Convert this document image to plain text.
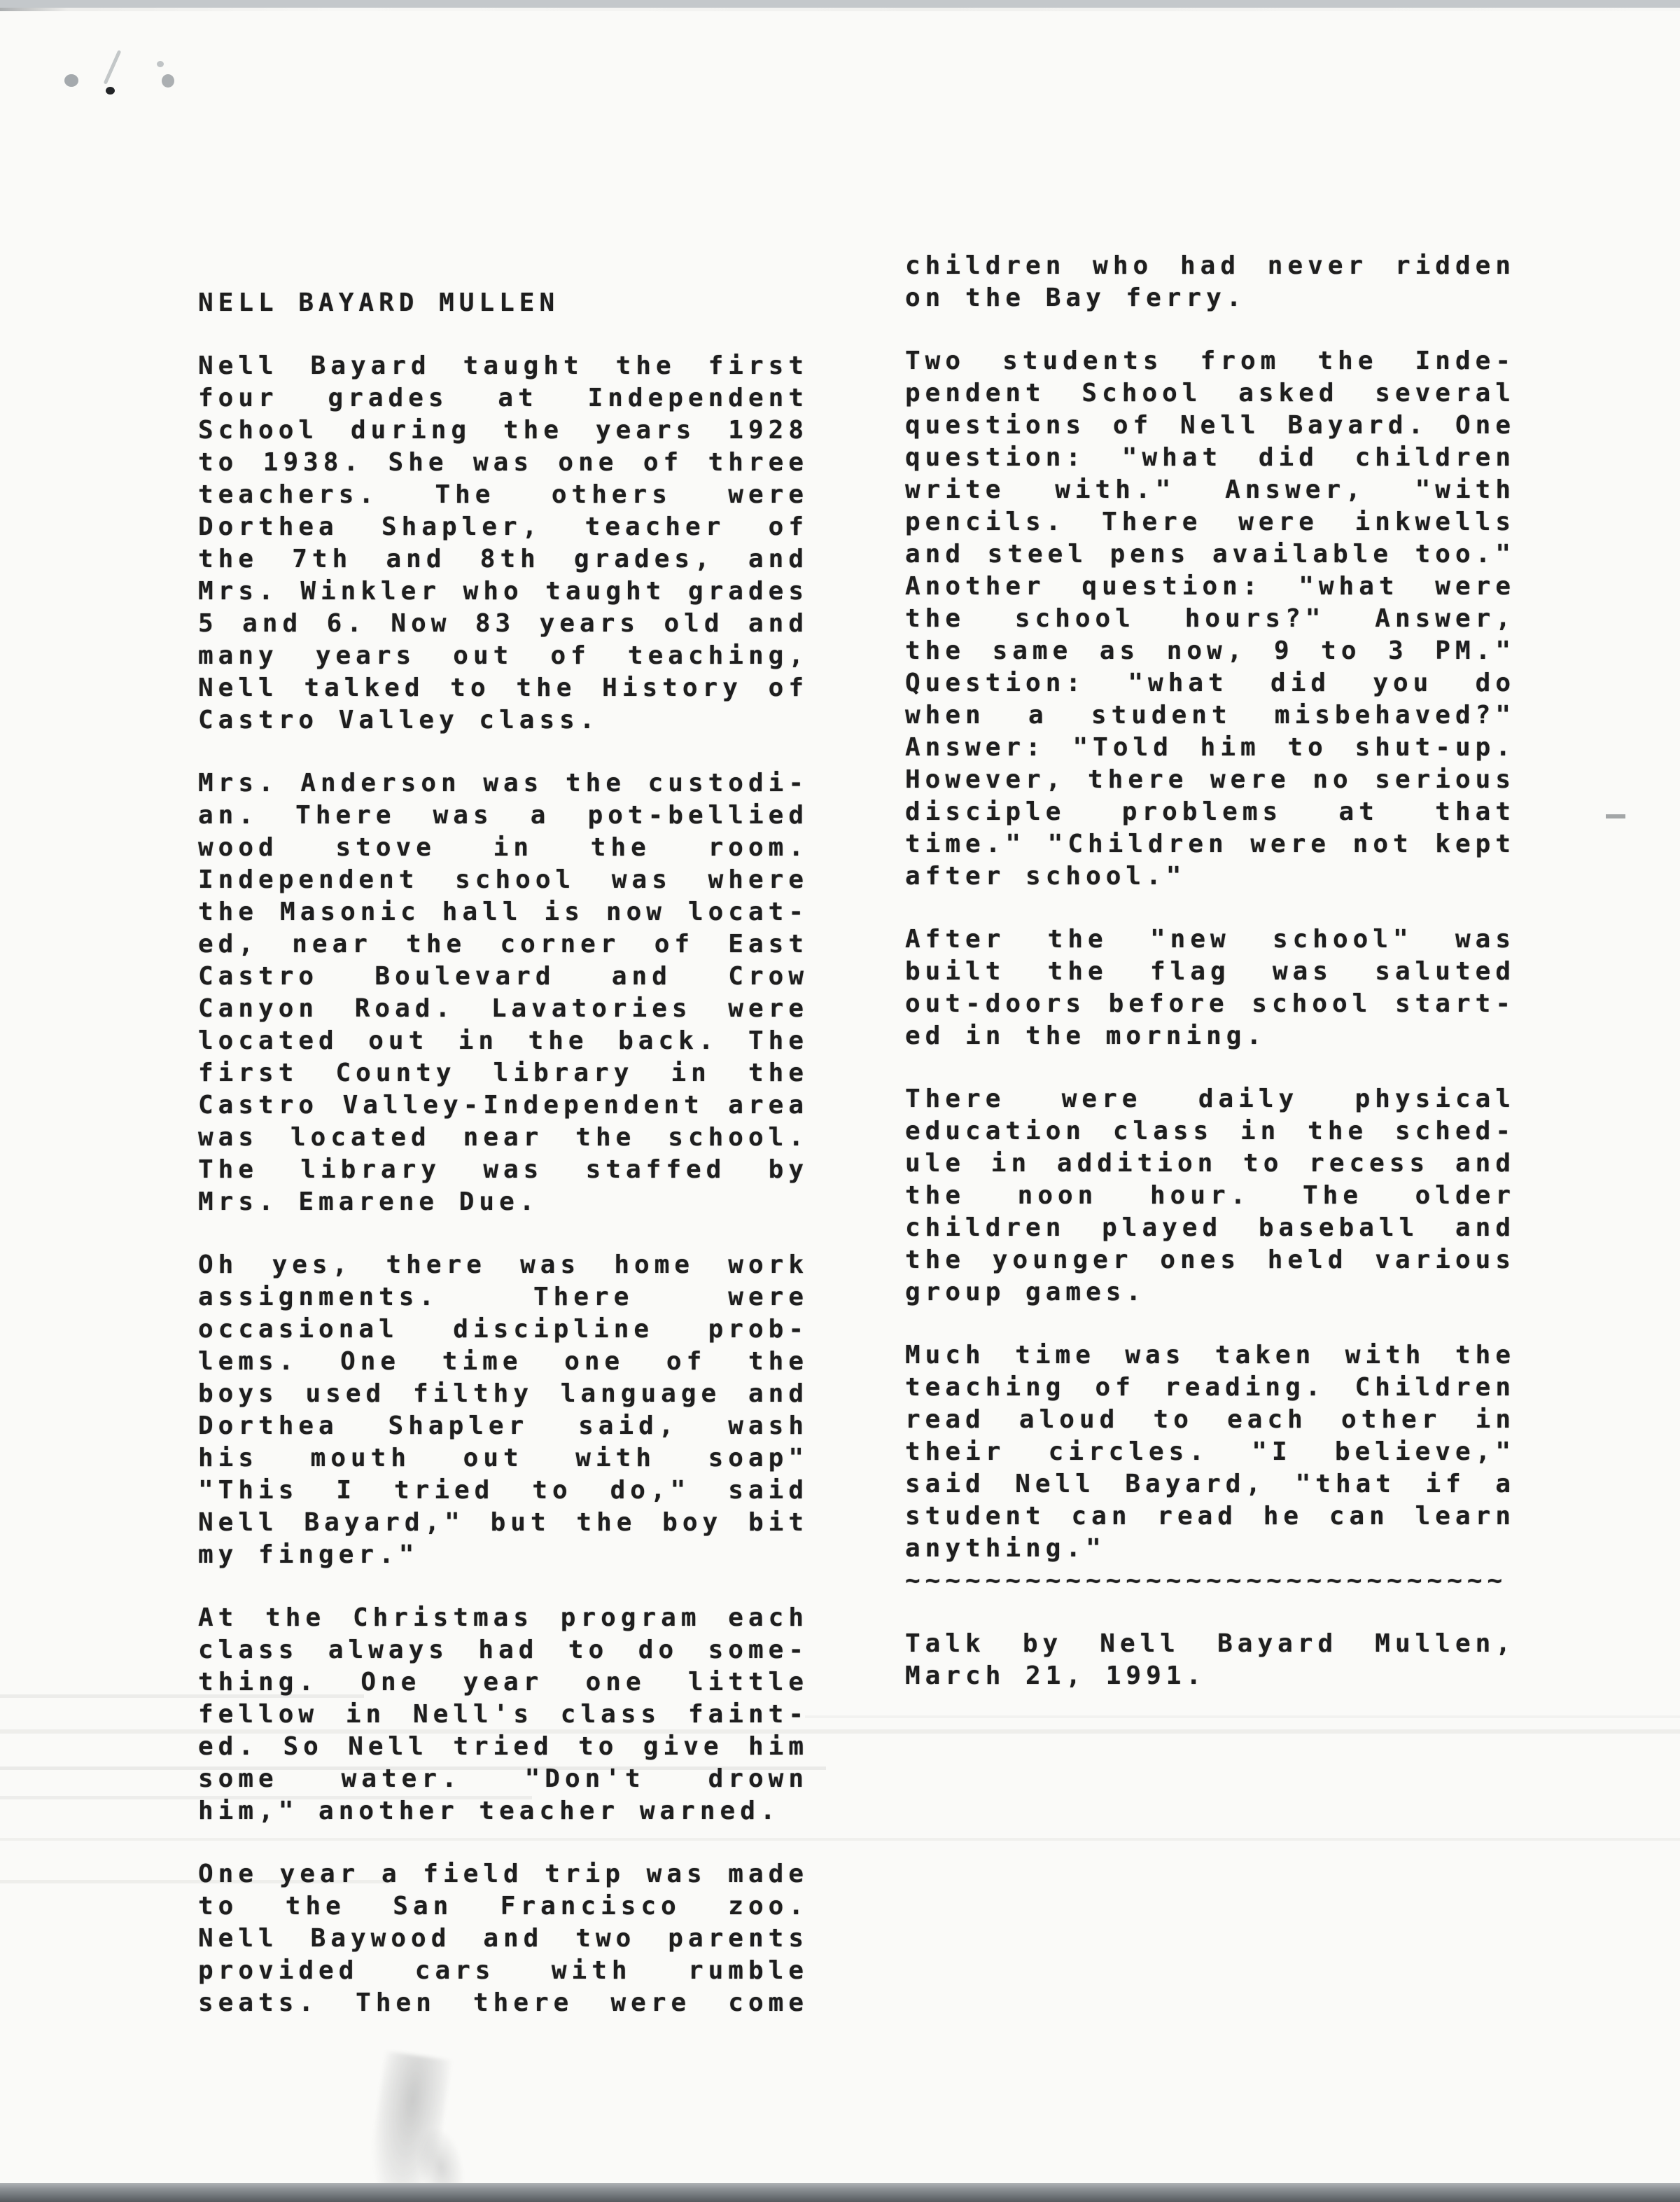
NELL BAYARD MULLEN
Nell Bayard taught the first
four grades at Independent
School during the years 1928
to 1938. She was one of three
teachers. The others were
Dorthea Shapler, teacher of
the 7th and 8th grades, and
Mrs. Winkler who taught grades
5 and 6. Now 83 years old and
many years out of teaching,
Nell talked to the History of
Castro Valley class.
Mrs. Anderson was the custodi-
an. There was a pot-bellied
wood stove in the room.
Independent school was where
the Masonic hall is now locat-
ed, near the corner of East
Castro Boulevard and Crow
Canyon Road. Lavatories were
located out in the back. The
first County library in the
Castro Valley-Independent area
was located near the school.
The library was staffed by
Mrs. Emarene Due.
Oh yes, there was home work
assignments. There were
occasional discipline prob-
lems. One time one of the
boys used filthy language and
Dorthea Shapler said, wash
his mouth out with soap"
"This I tried to do," said
Nell Bayard," but the boy bit
my finger."
At the Christmas program each
class always had to do some-
thing. One year one little
fellow in Nell's class faint-
ed. So Nell tried to give him
some water. "Don't drown
him," another teacher warned.
One year a field trip was made
to the San Francisco zoo.
Nell Baywood and two parents
provided cars with rumble
seats. Then there were come
children who had never ridden
on the Bay ferry.
Two students from the Inde-
pendent School asked several
questions of Nell Bayard. One
question: "what did children
write with." Answer, "with
pencils. There were inkwells
and steel pens available too."
Another question: "what were
the school hours?" Answer,
the same as now, 9 to 3 PM."
Question: "what did you do
when a student misbehaved?"
Answer: "Told him to shut-up.
However, there were no serious
disciple problems at that
time." "Children were not kept
after school."
After the "new school" was
built the flag was saluted
out-doors before school start-
ed in the morning.
There were daily physical
education class in the sched-
ule in addition to recess and
the noon hour. The older
children played baseball and
the younger ones held various
group games.
Much time was taken with the
teaching of reading. Children
read aloud to each other in
their circles. "I believe,"
said Nell Bayard, "that if a
student can read he can learn
anything."
~~~~~~~~~~~~~~~~~~~~~~~~~~~~~~
Talk by Nell Bayard Mullen,
March 21, 1991.
